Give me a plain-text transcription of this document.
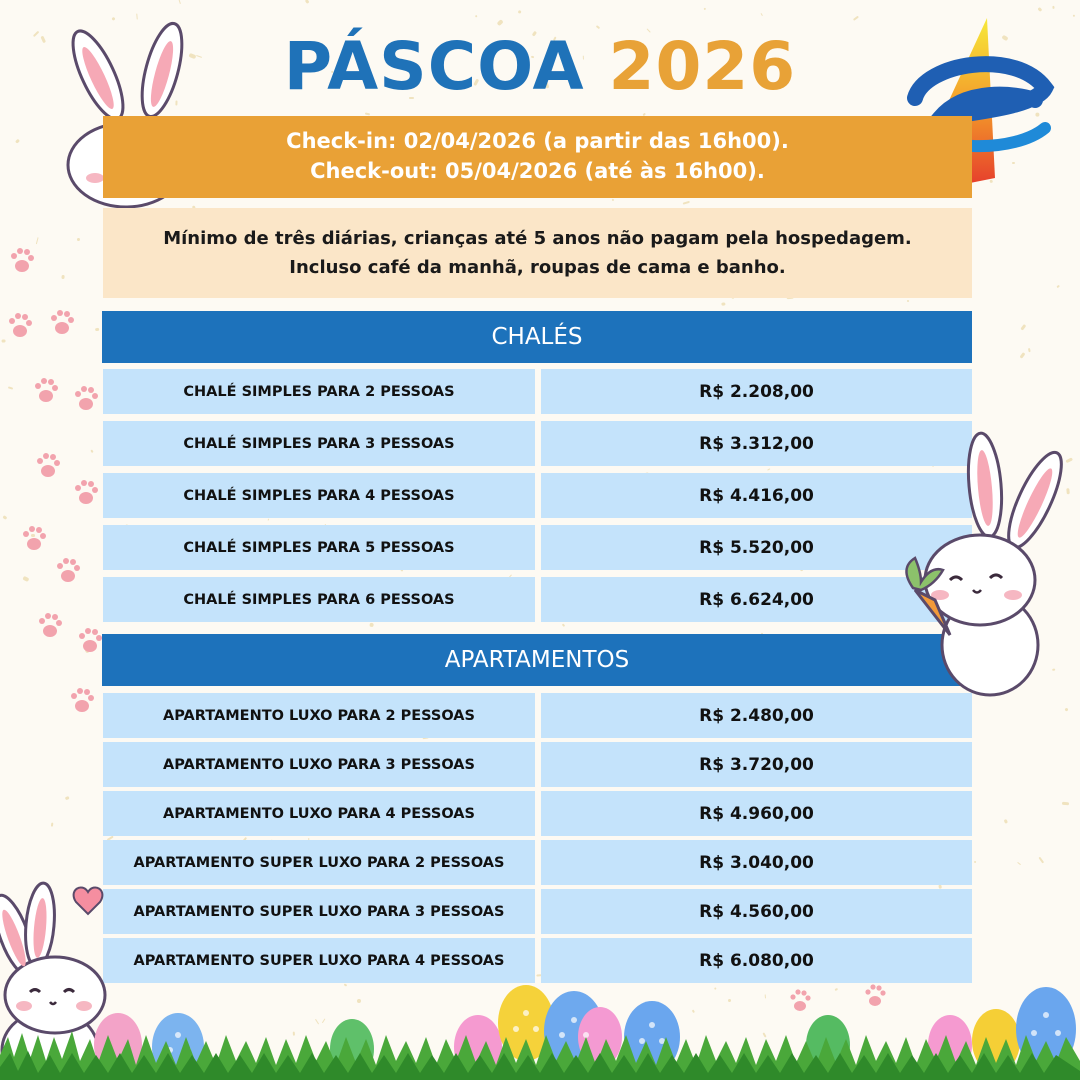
PÁSCOA 2026
Check-in: 02/04/2026 (a partir das 16h00).
Check-out: 05/04/2026 (até às 16h00).
Mínimo de três diárias, crianças até 5 anos não pagam pela hospedagem.
Incluso café da manhã, roupas de cama e banho.
CHALÉS
CHALÉ SIMPLES PARA 2 PESSOAS	R$ 2.208,00
CHALÉ SIMPLES PARA 3 PESSOAS	R$ 3.312,00
CHALÉ SIMPLES PARA 4 PESSOAS	R$ 4.416,00
CHALÉ SIMPLES PARA 5 PESSOAS	R$ 5.520,00
CHALÉ SIMPLES PARA 6 PESSOAS	R$ 6.624,00
APARTAMENTOS
APARTAMENTO LUXO PARA 2 PESSOAS	R$ 2.480,00
APARTAMENTO LUXO PARA 3 PESSOAS	R$ 3.720,00
APARTAMENTO LUXO PARA 4 PESSOAS	R$ 4.960,00
APARTAMENTO SUPER LUXO PARA 2 PESSOAS	R$ 3.040,00
APARTAMENTO SUPER LUXO PARA 3 PESSOAS	R$ 4.560,00
APARTAMENTO SUPER LUXO PARA 4 PESSOAS	R$ 6.080,00
